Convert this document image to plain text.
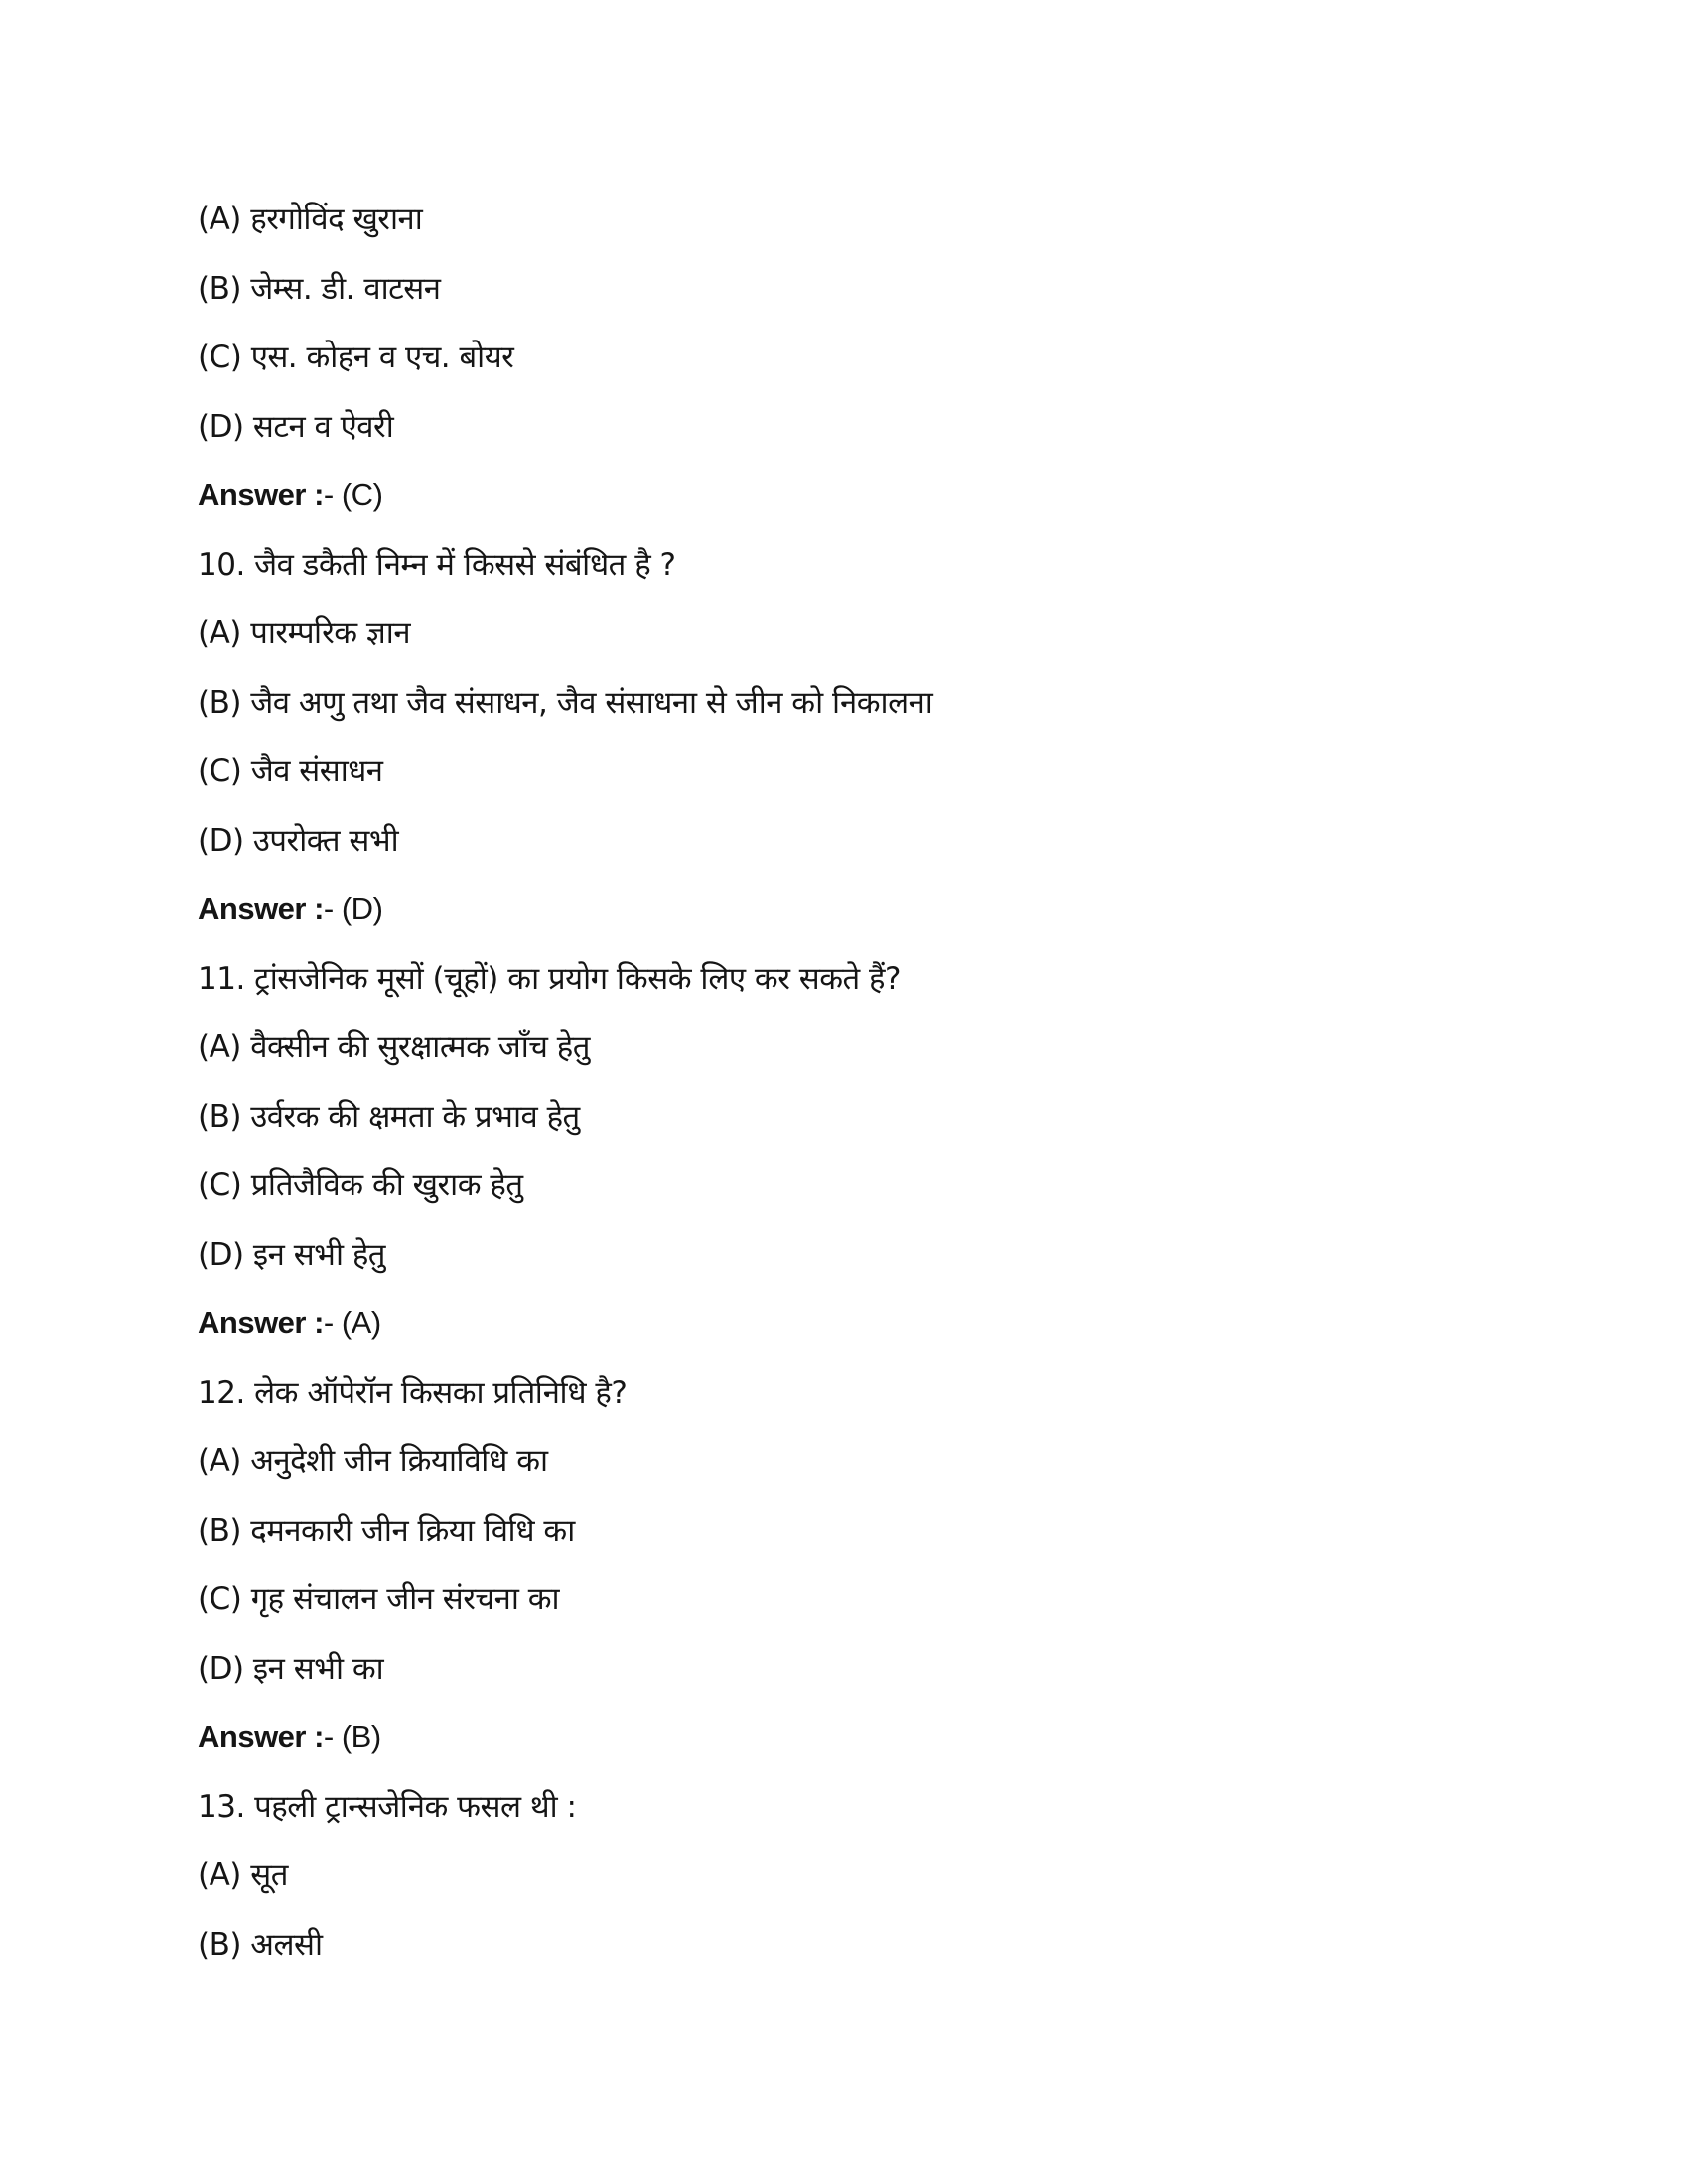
(A) हरगोविंद खुराना
(B) जेम्स. डी. वाटसन
(C) एस. कोहन व एच. बोयर
(D) सटन व ऐवरी
Answer :- (C)
10. जैव डकैती निम्न में किससे संबंधित है ?
(A) पारम्परिक ज्ञान
(B) जैव अणु तथा जैव संसाधन, जैव संसाधना से जीन को निकालना
(C) जैव संसाधन
(D) उपरोक्त सभी
Answer :- (D)
11. ट्रांसजेनिक मूसों (चूहों) का प्रयोग किसके लिए कर सकते हैं?
(A) वैक्सीन की सुरक्षात्मक जाँच हेतु
(B) उर्वरक की क्षमता के प्रभाव हेतु
(C) प्रतिजैविक की खुराक हेतु
(D) इन सभी हेतु
Answer :- (A)
12. लेक ऑपेरॉन किसका प्रतिनिधि है?
(A) अनुदेशी जीन क्रियाविधि का
(B) दमनकारी जीन क्रिया विधि का
(C) गृह संचालन जीन संरचना का
(D) इन सभी का
Answer :- (B)
13. पहली ट्रान्सजेनिक फसल थी :
(A) सूत
(B) अलसी
